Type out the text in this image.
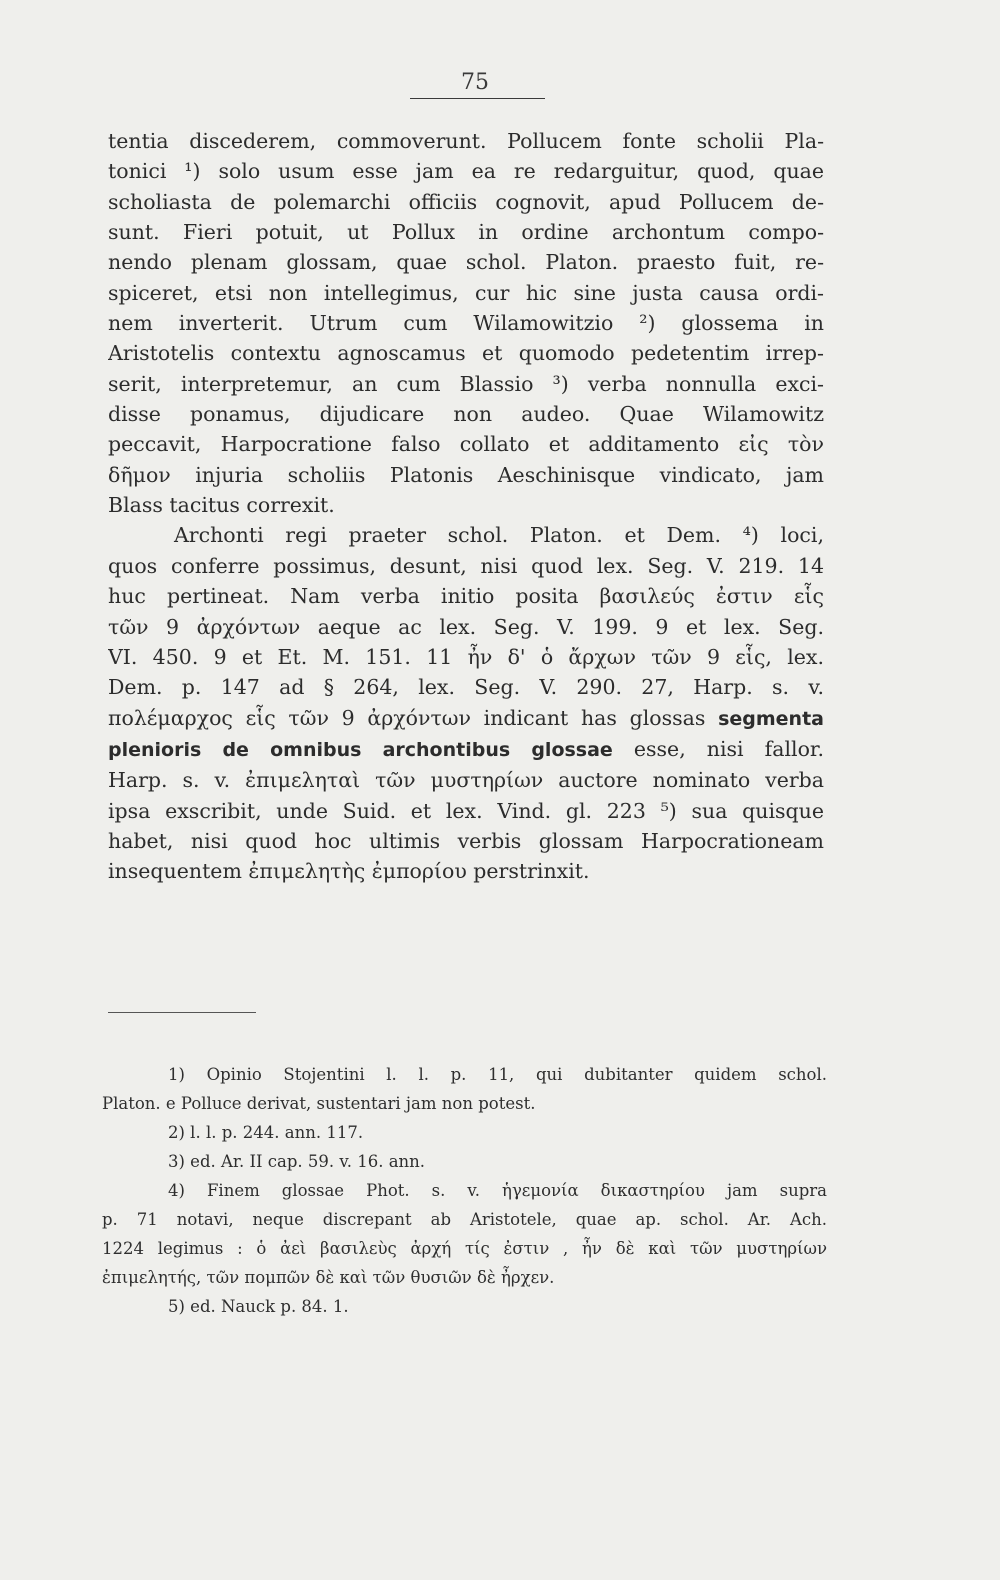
75
tentia discederem, commoverunt. Pollucem fonte scholii Pla-
tonici ¹) solo usum esse jam ea re redarguitur, quod, quae
scholiasta de polemarchi officiis cognovit, apud Pollucem de-
sunt. Fieri potuit, ut Pollux in ordine archontum compo-
nendo plenam glossam, quae schol. Platon. praesto fuit, re-
spiceret, etsi non intellegimus, cur hic sine justa causa ordi-
nem inverterit. Utrum cum Wilamowitzio ²) glossema in
Aristotelis contextu agnoscamus et quomodo pedetentim irrep-
serit, interpretemur, an cum Blassio ³) verba nonnulla exci-
disse ponamus, dijudicare non audeo. Quae Wilamowitz
peccavit, Harpocratione falso collato et additamento εἰς τὸν
δῆμον injuria scholiis Platonis Aeschinisque vindicato, jam
Blass tacitus correxit.
Archonti regi praeter schol. Platon. et Dem. ⁴) loci,
quos conferre possimus, desunt, nisi quod lex. Seg. V. 219. 14
huc pertineat. Nam verba initio posita βασιλεύς ἐστιν εἷς
τῶν 9 ἀρχόντων aeque ac lex. Seg. V. 199. 9 et lex. Seg.
VI. 450. 9 et Et. M. 151. 11 ἦν δ' ὁ ἄρχων τῶν 9 εἷς, lex.
Dem. p. 147 ad § 264, lex. Seg. V. 290. 27, Harp. s. v.
πολέμαρχος εἷς τῶν 9 ἀρχόντων indicant has glossas segmenta
plenioris de omnibus archontibus glossae esse, nisi fallor.
Harp. s. v. ἐπιμεληταὶ τῶν μυστηρίων auctore nominato verba
ipsa exscribit, unde Suid. et lex. Vind. gl. 223 ⁵) sua quisque
habet, nisi quod hoc ultimis verbis glossam Harpocrationeam
insequentem ἐπιμελητὴς ἐμπορίου perstrinxit.
1) Opinio Stojentini l. l. p. 11, qui dubitanter quidem schol.
Platon. e Polluce derivat, sustentari jam non potest.
2) l. l. p. 244. ann. 117.
3) ed. Ar. II cap. 59. v. 16. ann.
4) Finem glossae Phot. s. v. ἡγεμονία δικαστηρίου jam supra
p. 71 notavi, neque discrepant ab Aristotele, quae ap. schol. Ar. Ach.
1224 legimus : ὁ ἀεὶ βασιλεὺς ἀρχή τίς ἐστιν , ἦν δὲ καὶ τῶν μυστηρίων
ἐπιμελητής, τῶν πομπῶν δὲ καὶ τῶν θυσιῶν δὲ ἦρχεν.
5) ed. Nauck p. 84. 1.
